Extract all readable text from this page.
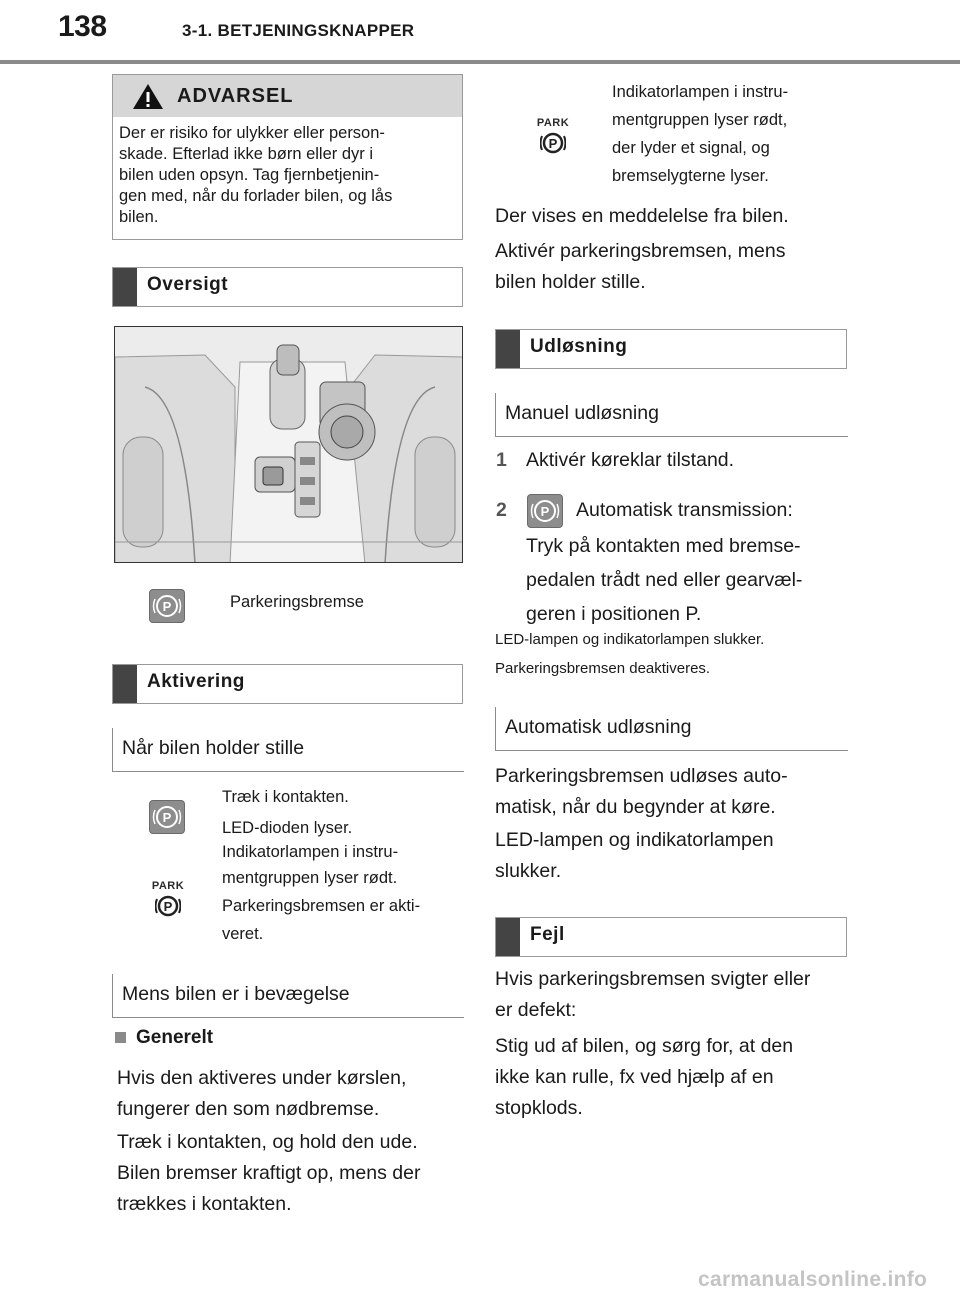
138	3-1. BETJENINGSKNAPPER
ADVARSEL
Der er risiko for ulykker eller person-
skade. Efterlad ikke børn eller dyr i
bilen uden opsyn. Tag fjernbetjenin-
gen med, når du forlader bilen, og lås
bilen.
Oversigt
P	Parkeringsbremse
Aktivering
Når bilen holder stille
P
PARK
P
Træk i kontakten.
LED-dioden lyser.
Indikatorlampen i instru-
mentgruppen lyser rødt.
Parkeringsbremsen er akti-
veret.
Mens bilen er i bevægelse
Generelt
Hvis den aktiveres under kørslen,
fungerer den som nødbremse.
Træk i kontakten, og hold den ude.
Bilen bremser kraftigt op, mens der
trækkes i kontakten.
PARK
P
Indikatorlampen i instru-
mentgruppen lyser rødt,
der lyder et signal, og
bremselygterne lyser.
Der vises en meddelelse fra bilen.
Aktivér parkeringsbremsen, mens
bilen holder stille.
Udløsning
Manuel udløsning
1 Aktivér køreklar tilstand.
2	P Automatisk transmission:
Tryk på kontakten med bremse-
pedalen trådt ned eller gearvæl-
geren i positionen P.
LED-lampen og indikatorlampen slukker.
Parkeringsbremsen deaktiveres.
Automatisk udløsning
Parkeringsbremsen udløses auto-
matisk, når du begynder at køre.
LED-lampen og indikatorlampen
slukker.
Fejl
Hvis parkeringsbremsen svigter eller
er defekt:
Stig ud af bilen, og sørg for, at den
ikke kan rulle, fx ved hjælp af en
stopklods.
carmanualsonline.info
